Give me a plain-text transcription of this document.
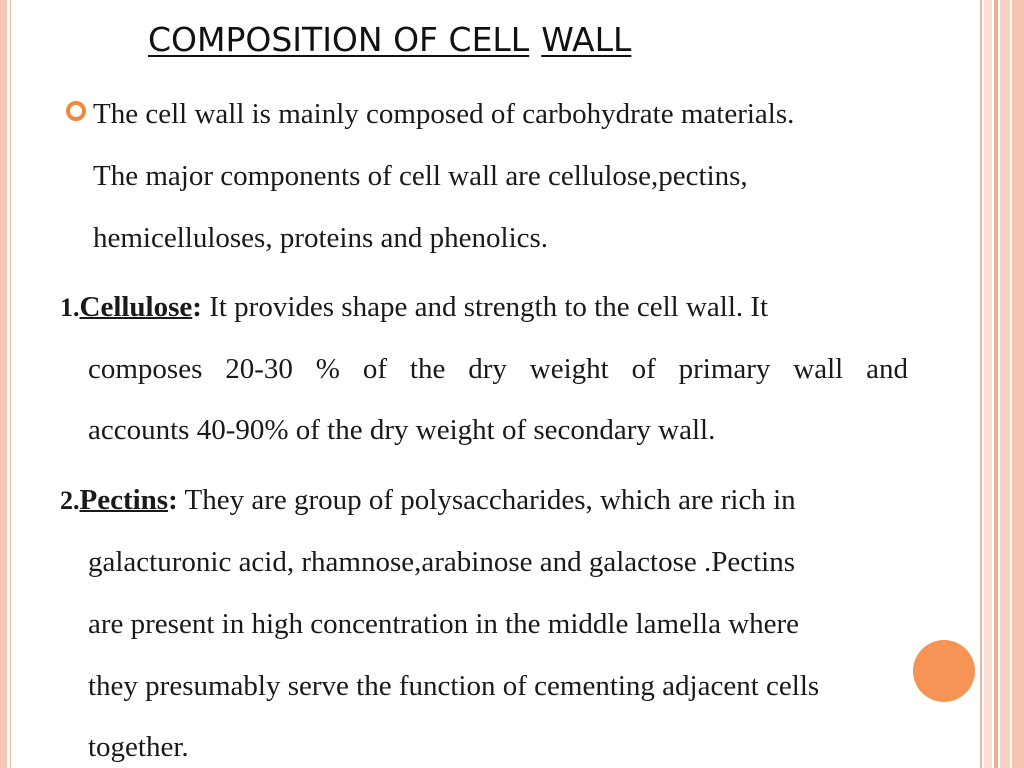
COMPOSITION OF CELL WALL
The cell wall is mainly composed of carbohydrate materials.
The major components of cell wall are cellulose,pectins,
hemicelluloses, proteins and phenolics.
1.Cellulose: It provides shape and strength to the cell wall. It
composes 20-30 % of the dry weight of primary wall and
accounts 40-90% of the dry weight of secondary wall.
2.Pectins: They are group of polysaccharides, which are rich in
galacturonic acid, rhamnose,arabinose and galactose .Pectins
are present in high concentration in the middle lamella where
they presumably serve the function of cementing adjacent cells
together.
